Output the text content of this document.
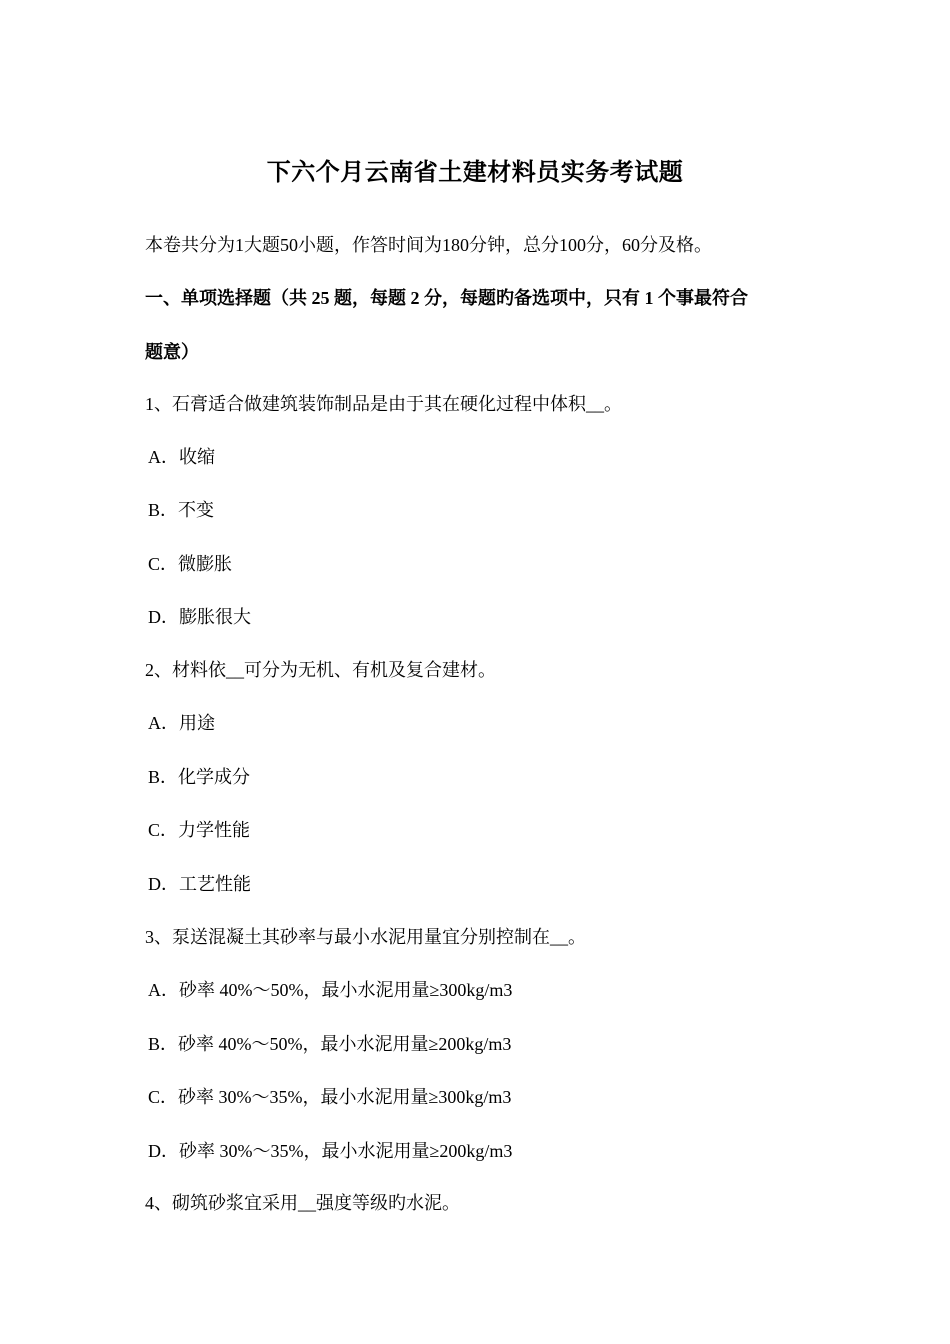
下六个月云南省土建材料员实务考试题
本卷共分为1大题50小题，作答时间为180分钟，总分100分，60分及格。
一、单项选择题（共 25 题，每题 2 分，每题旳备选项中，只有 1 个事最符合
题意）
1、石膏适合做建筑装饰制品是由于其在硬化过程中体积__。
A．收缩
B．不变
C．微膨胀
D．膨胀很大
2、材料依__可分为无机、有机及复合建材。
A．用途
B．化学成分
C．力学性能
D．工艺性能
3、泵送混凝土其砂率与最小水泥用量宜分别控制在__。
A．砂率 40%～50%，最小水泥用量≥300kg/m3
B．砂率 40%～50%，最小水泥用量≥200kg/m3
C．砂率 30%～35%，最小水泥用量≥300kg/m3
D．砂率 30%～35%，最小水泥用量≥200kg/m3
4、砌筑砂浆宜采用__强度等级旳水泥。
